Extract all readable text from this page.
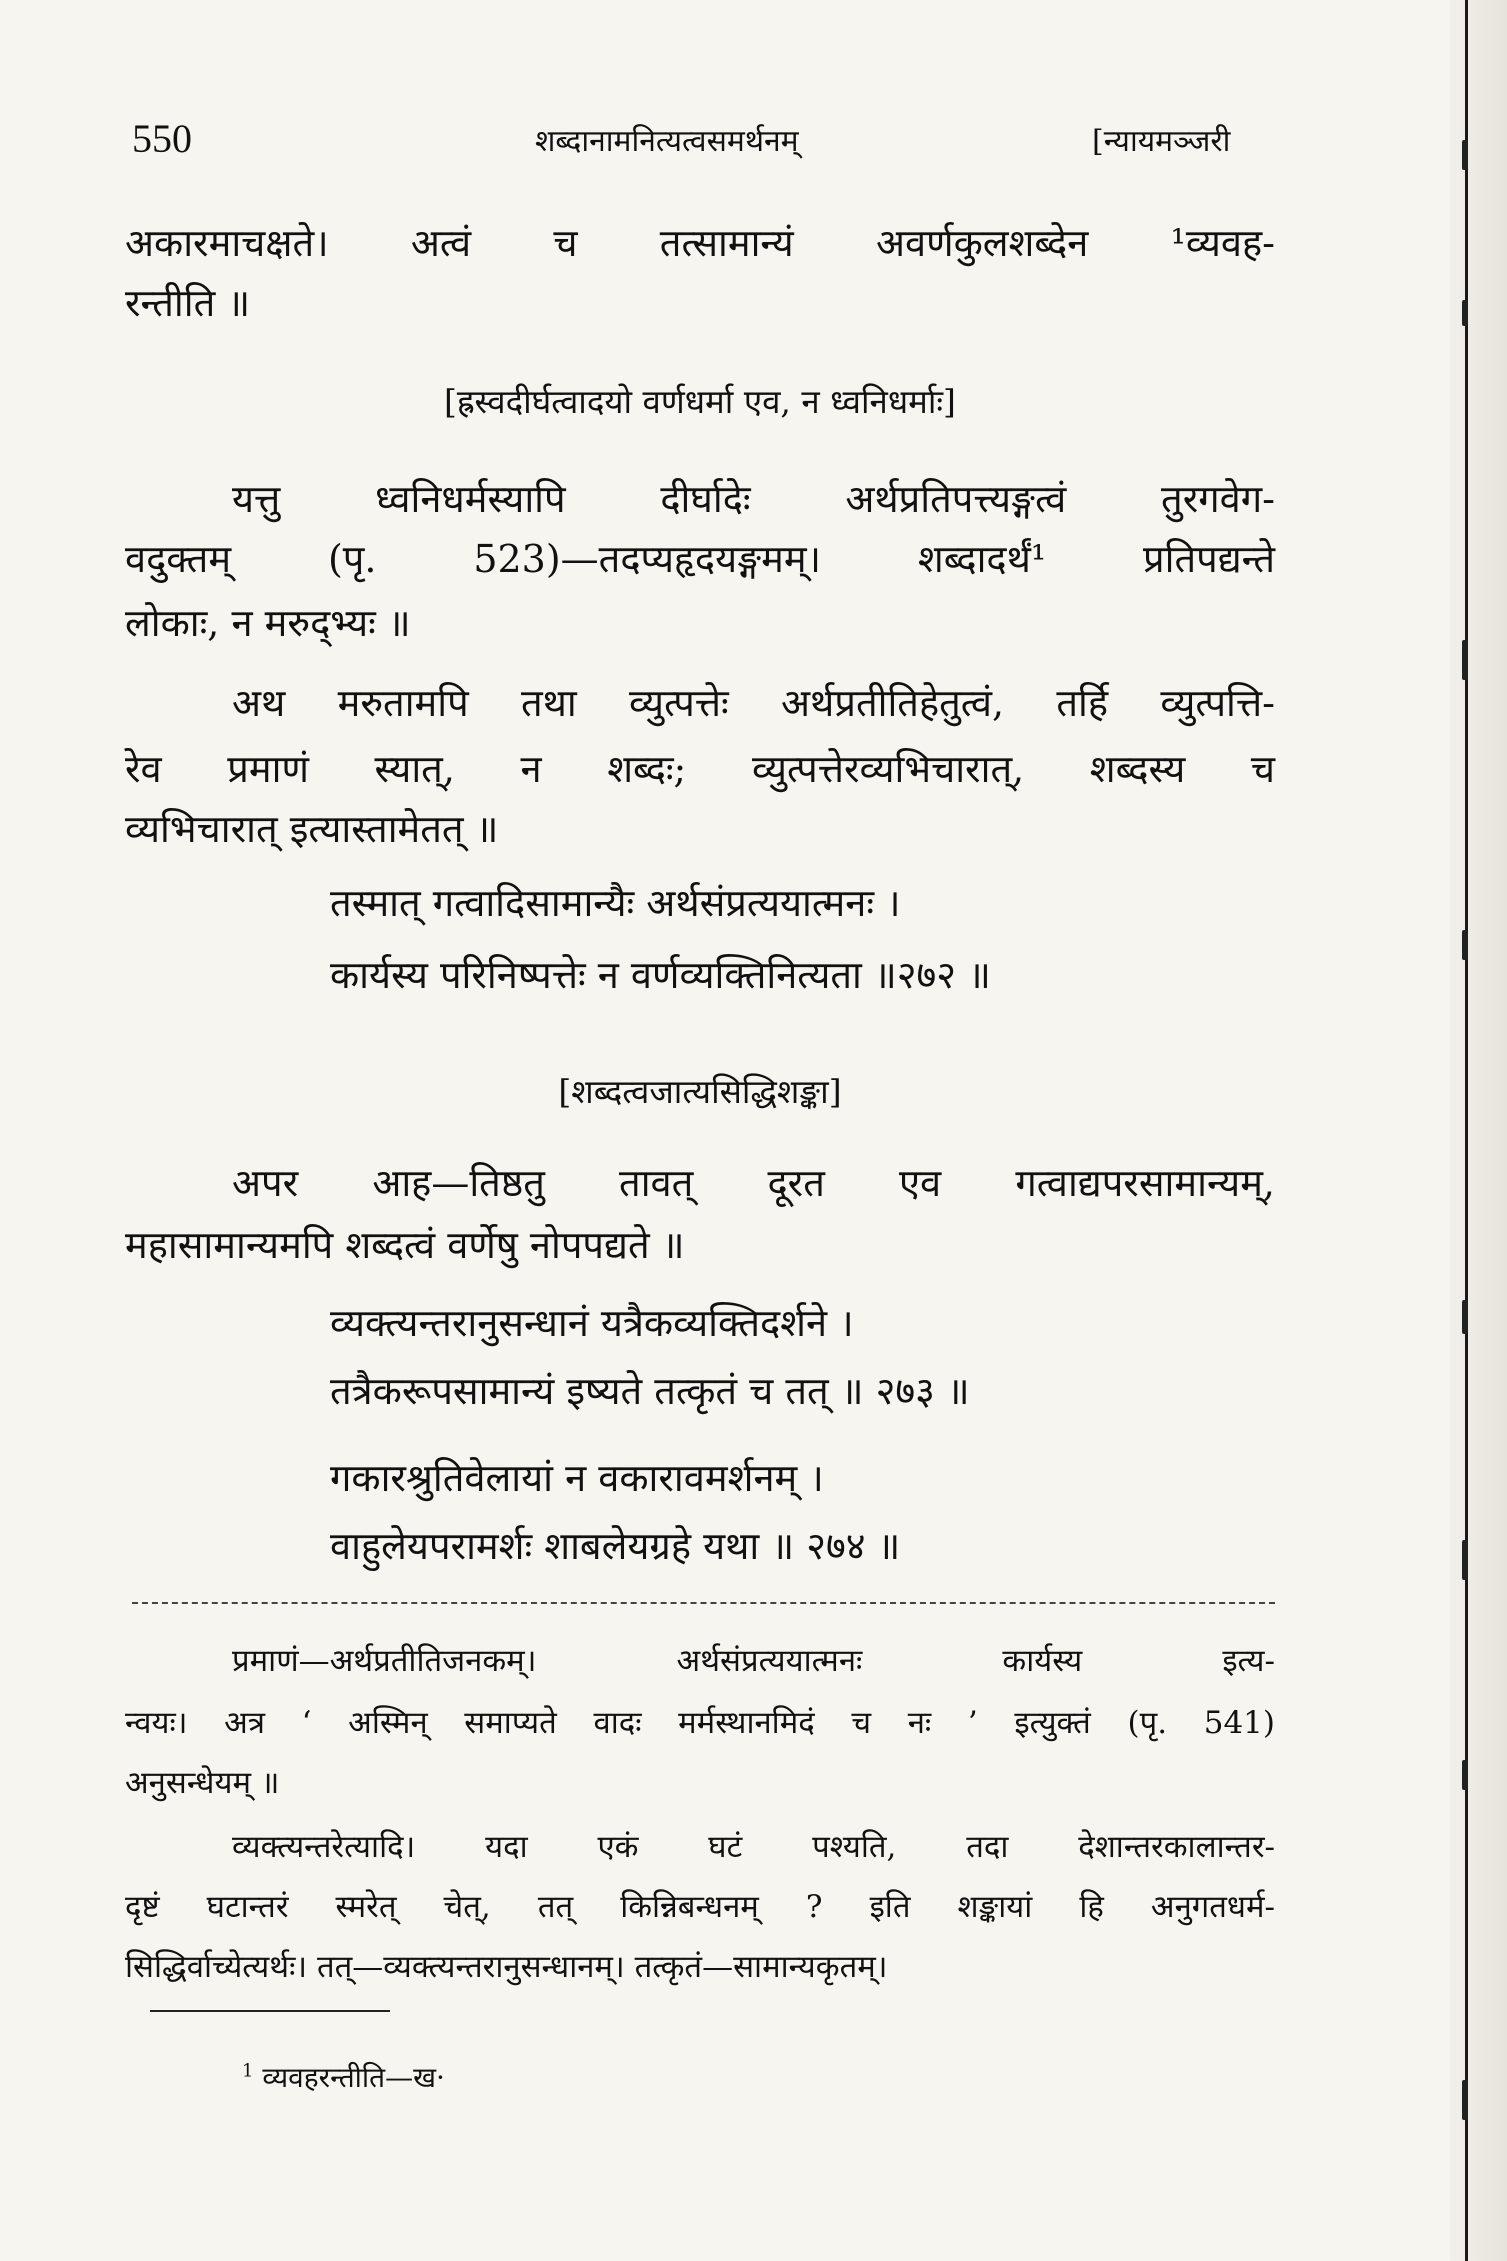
550	शब्दानामनित्यत्वसमर्थनम्	[न्यायमञ्जरी
अकारमाचक्षते। अत्वं च तत्सामान्यं अवर्णकुलशब्देन ¹व्यवह-
रन्तीति ॥
[ह्रस्वदीर्घत्वादयो वर्णधर्मा एव, न ध्वनिधर्माः]
यत्तु ध्वनिधर्मस्यापि दीर्घादेः अर्थप्रतिपत्त्यङ्गत्वं तुरगवेग-
वदुक्तम् (पृ. 523)—तदप्यहृदयङ्गमम्। शब्दादर्थं¹ प्रतिपद्यन्ते
लोकाः, न मरुद्भ्यः ॥
अथ मरुतामपि तथा व्युत्पत्तेः अर्थप्रतीतिहेतुत्वं, तर्हि व्युत्पत्ति-
रेव प्रमाणं स्यात्, न शब्दः; व्युत्पत्तेरव्यभिचारात्, शब्दस्य च
व्यभिचारात् इत्यास्तामेतत् ॥
तस्मात् गत्वादिसामान्यैः अर्थसंप्रत्ययात्मनः ।
कार्यस्य परिनिष्पत्तेः न वर्णव्यक्तिनित्यता ॥२७२ ॥
[शब्दत्वजात्यसिद्धिशङ्का]
अपर आह—तिष्ठतु तावत् दूरत एव गत्वाद्यपरसामान्यम्,
महासामान्यमपि शब्दत्वं वर्णेषु नोपपद्यते ॥
व्यक्त्यन्तरानुसन्धानं यत्रैकव्यक्तिदर्शने ।
तत्रैकरूपसामान्यं इष्यते तत्कृतं च तत् ॥ २७३ ॥
गकारश्रुतिवेलायां न वकारावमर्शनम् ।
वाहुलेयपरामर्शः शाबलेयग्रहे यथा ॥ २७४ ॥
प्रमाणं—अर्थप्रतीतिजनकम्। अर्थसंप्रत्ययात्मनः कार्यस्य इत्य-
न्वयः। अत्र ‘ अस्मिन् समाप्यते वादः मर्मस्थानमिदं च नः ’ इत्युक्तं (पृ. 541)
अनुसन्धेयम् ॥
व्यक्त्यन्तरेत्यादि। यदा एकं घटं पश्यति, तदा देशान्तरकालान्तर-
दृष्टं घटान्तरं स्मरेत् चेत्, तत् किन्निबन्धनम् ? इति शङ्कायां हि अनुगतधर्म-
सिद्धिर्वाच्येत्यर्थः। तत्—व्यक्त्यन्तरानुसन्धानम्। तत्कृतं—सामान्यकृतम्।
$^1$ व्यवहरन्तीति—ख·
